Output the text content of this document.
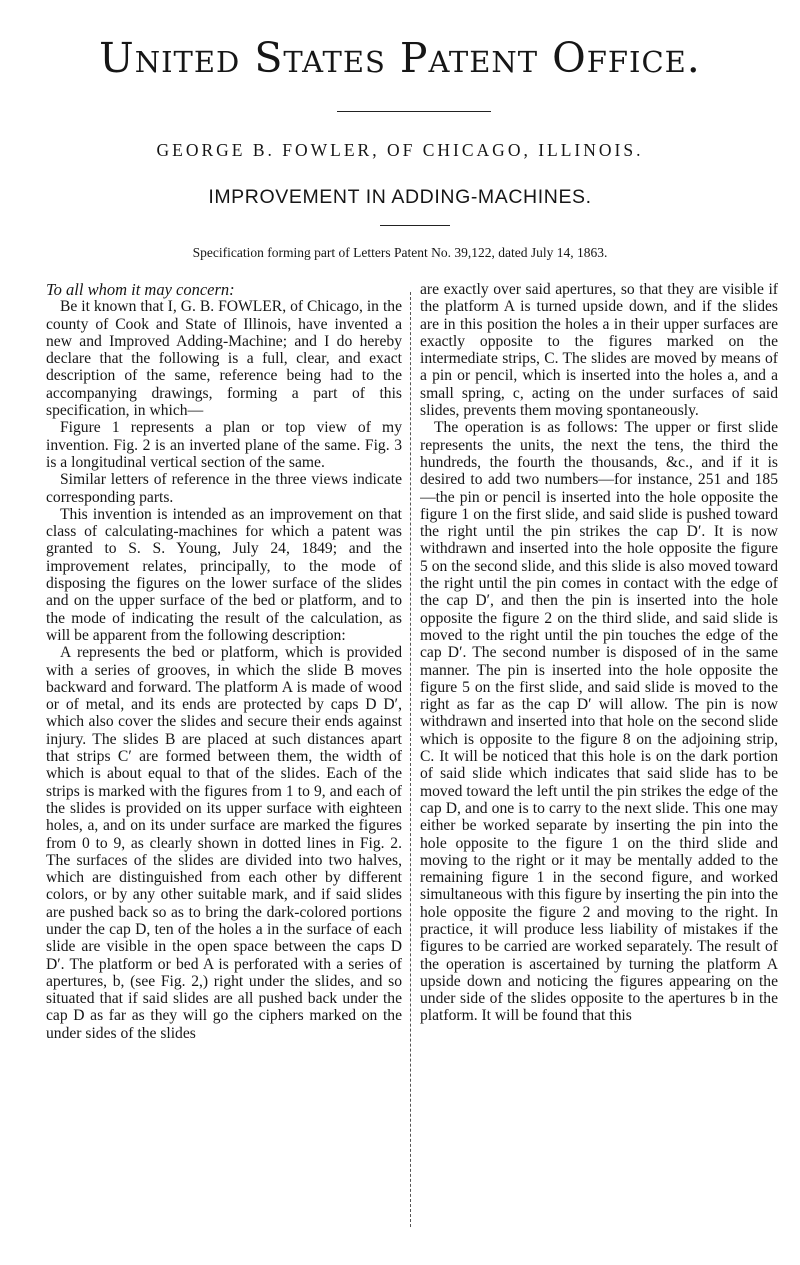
United States Patent Office.
GEORGE B. FOWLER, OF CHICAGO, ILLINOIS.
IMPROVEMENT IN ADDING-MACHINES.
Specification forming part of Letters Patent No. 39,122, dated July 14, 1863.

To all whom it may concern:

Be it known that I, G. B. FOWLER, of Chicago, in the county of Cook and State of Illinois, have invented a new and Improved Adding-Machine; and I do hereby declare that the following is a full, clear, and exact description of the same, reference being had to the accompanying drawings, forming a part of this specification, in which—

Figure 1 represents a plan or top view of my invention. Fig. 2 is an inverted plane of the same. Fig. 3 is a longitudinal vertical section of the same.

Similar letters of reference in the three views indicate corresponding parts.

This invention is intended as an improvement on that class of calculating-machines for which a patent was granted to S. S. Young, July 24, 1849; and the improvement relates, principally, to the mode of disposing the figures on the lower surface of the slides and on the upper surface of the bed or platform, and to the mode of indicating the result of the calculation, as will be apparent from the following description:

A represents the bed or platform, which is provided with a series of grooves, in which the slide B moves backward and forward. The platform A is made of wood or of metal, and its ends are protected by caps D D′, which also cover the slides and secure their ends against injury. The slides B are placed at such distances apart that strips C′ are formed between them, the width of which is about equal to that of the slides. Each of the strips is marked with the figures from 1 to 9, and each of the slides is provided on its upper surface with eighteen holes, a, and on its under surface are marked the figures from 0 to 9, as clearly shown in dotted lines in Fig. 2. The surfaces of the slides are divided into two halves, which are distinguished from each other by different colors, or by any other suitable mark, and if said slides are pushed back so as to bring the dark-colored portions under the cap D, ten of the holes a in the surface of each slide are visible in the open space between the caps D D′. The platform or bed A is perforated with a series of apertures, b, (see Fig. 2,) right under the slides, and so situated that if said slides are all pushed back under the cap D as far as they will go the ciphers marked on the under sides of the slides

are exactly over said apertures, so that they are visible if the platform A is turned upside down, and if the slides are in this position the holes a in their upper surfaces are exactly opposite to the figures marked on the intermediate strips, C. The slides are moved by means of a pin or pencil, which is inserted into the holes a, and a small spring, c, acting on the under surfaces of said slides, prevents them moving spontaneously.

The operation is as follows: The upper or first slide represents the units, the next the tens, the third the hundreds, the fourth the thousands, &c., and if it is desired to add two numbers—for instance, 251 and 185—the pin or pencil is inserted into the hole opposite the figure 1 on the first slide, and said slide is pushed toward the right until the pin strikes the cap D′. It is now withdrawn and inserted into the hole opposite the figure 5 on the second slide, and this slide is also moved toward the right until the pin comes in contact with the edge of the cap D′, and then the pin is inserted into the hole opposite the figure 2 on the third slide, and said slide is moved to the right until the pin touches the edge of the cap D′. The second number is disposed of in the same manner. The pin is inserted into the hole opposite the figure 5 on the first slide, and said slide is moved to the right as far as the cap D′ will allow. The pin is now withdrawn and inserted into that hole on the second slide which is opposite to the figure 8 on the adjoining strip, C. It will be noticed that this hole is on the dark portion of said slide which indicates that said slide has to be moved toward the left until the pin strikes the edge of the cap D, and one is to carry to the next slide. This one may either be worked separate by inserting the pin into the hole opposite to the figure 1 on the third slide and moving to the right or it may be mentally added to the remaining figure 1 in the second figure, and worked simultaneous with this figure by inserting the pin into the hole opposite the figure 2 and moving to the right. In practice, it will produce less liability of mistakes if the figures to be carried are worked separately. The result of the operation is ascertained by turning the platform A upside down and noticing the figures appearing on the under side of the slides opposite to the apertures b in the platform. It will be found that this
